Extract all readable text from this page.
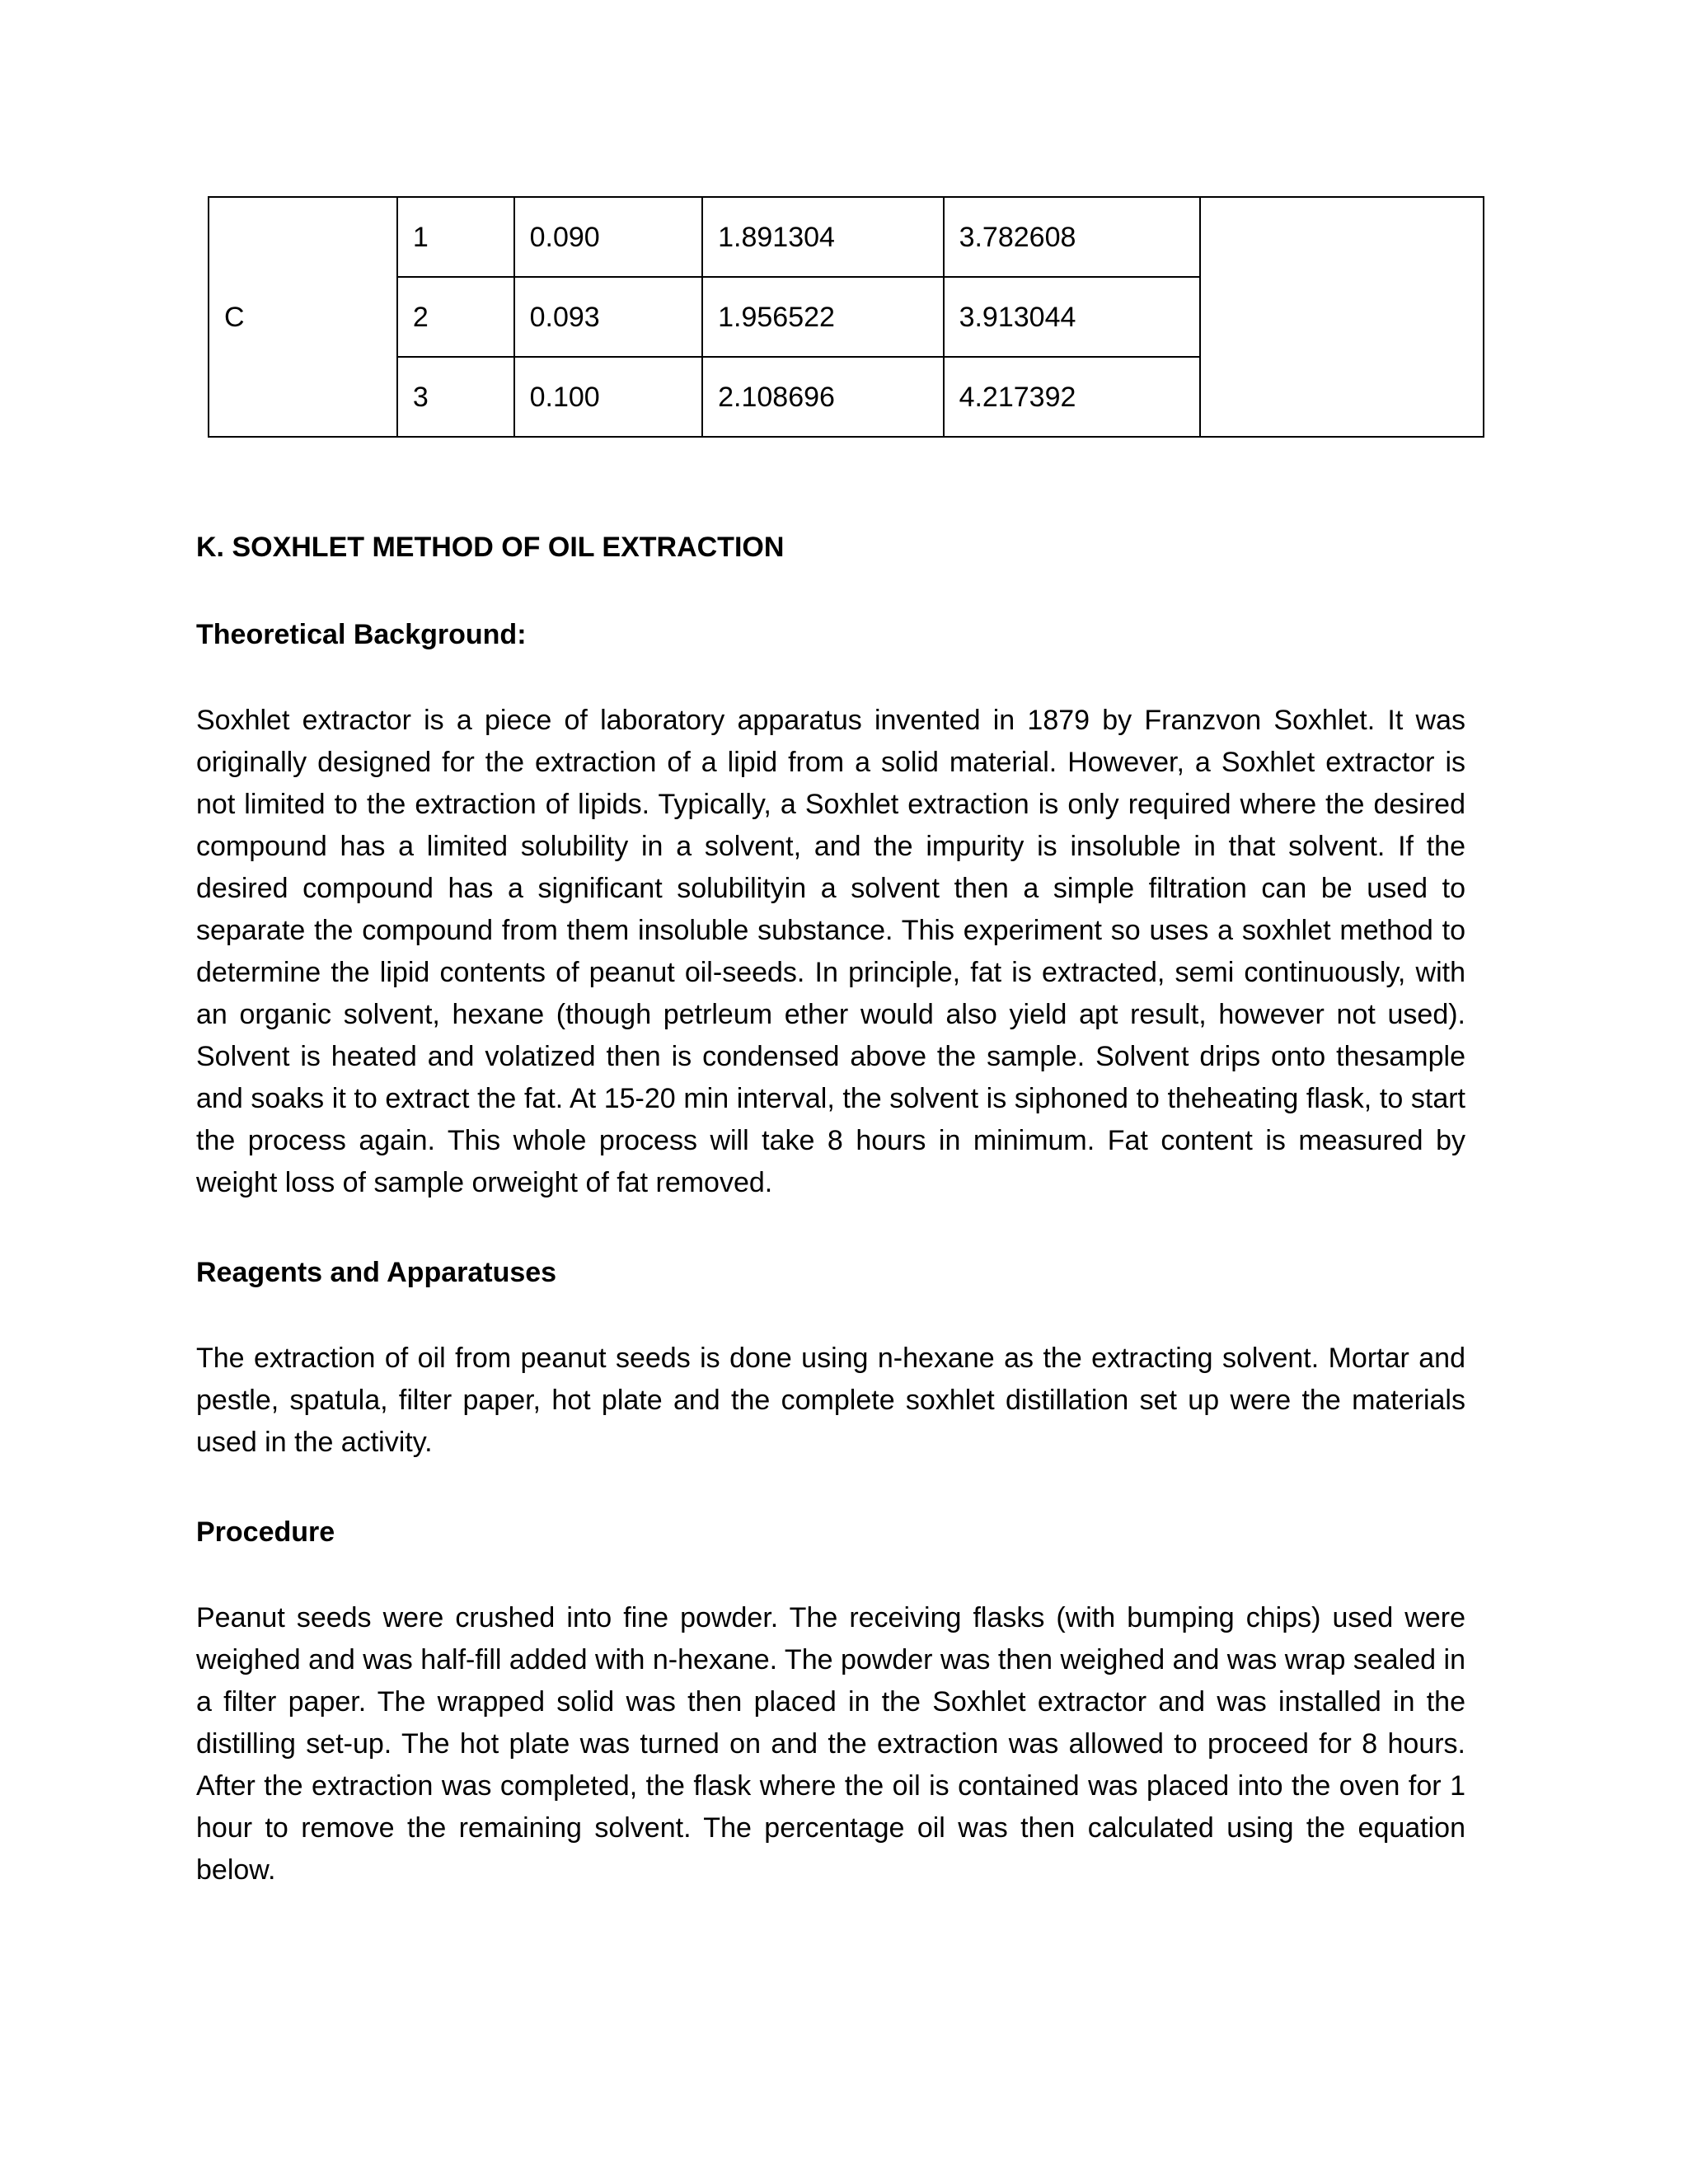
C	1	0.090	1.891304	3.782608	
	2	0.093	1.956522	3.913044	
	3	0.100	2.108696	4.217392	
K. SOXHLET METHOD OF OIL EXTRACTION
Theoretical Background:

Soxhlet extractor is a piece of laboratory apparatus invented in 1879 by Franzvon Soxhlet. It was originally designed for the extraction of a lipid from a solid material. However, a Soxhlet extractor is not limited to the extraction of lipids. Typically, a Soxhlet extraction is only required where the desired compound has a limited solubility in a solvent, and the impurity is insoluble in that solvent. If the desired compound has a significant solubilityin a solvent then a simple filtration can be used to separate the compound from them insoluble substance. This experiment so uses a soxhlet method to determine the lipid contents of peanut oil-seeds. In principle, fat is extracted, semi continuously, with an organic solvent, hexane (though petrleum ether would also yield apt result, however not used). Solvent is heated and volatized then is condensed above the sample. Solvent drips onto thesample and soaks it to extract the fat. At 15-20 min interval, the solvent is siphoned to theheating flask, to start the process again. This whole process will take 8 hours in minimum. Fat content is measured by weight loss of sample orweight of fat removed.

Reagents and Apparatuses

The extraction of oil from peanut seeds is done using n-hexane as the extracting solvent. Mortar and pestle, spatula, filter paper, hot plate and the complete soxhlet distillation set up were the materials used in the activity.

Procedure

Peanut seeds were crushed into fine powder. The receiving flasks (with bumping chips) used were weighed and was half-fill added with n-hexane. The powder was then weighed and was wrap sealed in a filter paper. The wrapped solid was then placed in the Soxhlet extractor and was installed in the distilling set-up. The hot plate was turned on and the extraction was allowed to proceed for 8 hours. After the extraction was completed, the flask where the oil is contained was placed into the oven for 1 hour to remove the remaining solvent. The percentage oil was then calculated using the equation below.
